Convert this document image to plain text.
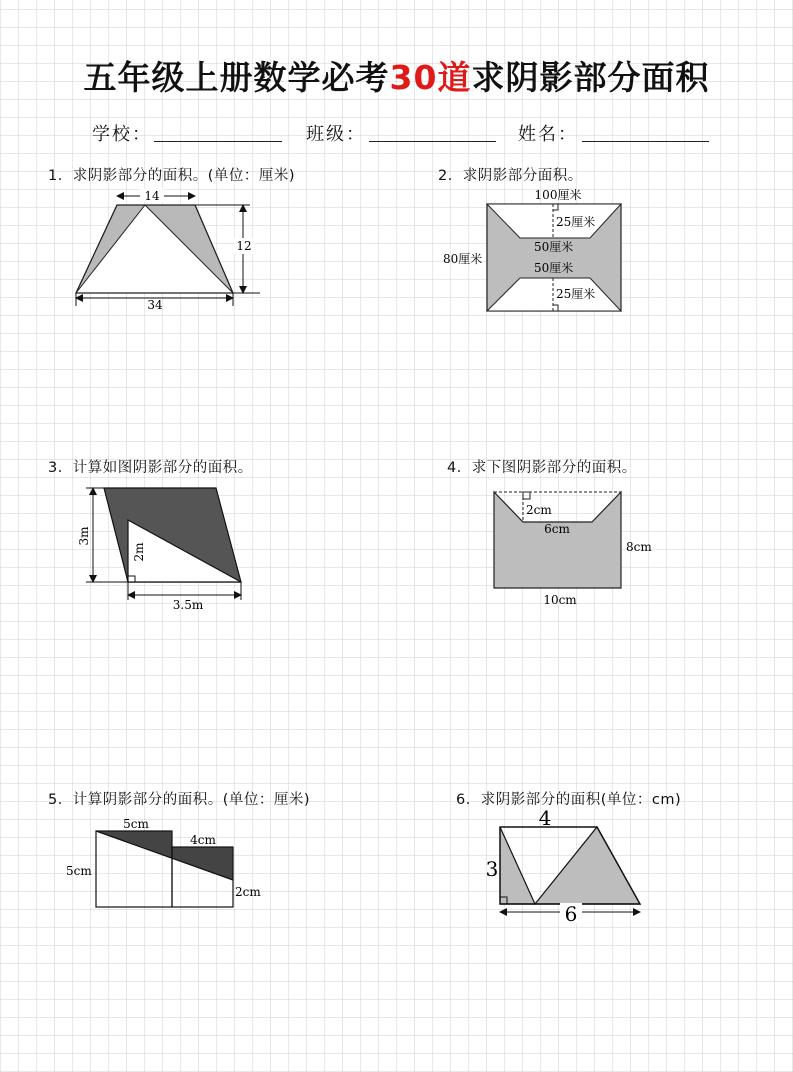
五年级上册数学必考30道求阴影部分面积
学校：	班级：	姓名：
1．求阴影部分的面积。(单位：厘米)
14
12
34
2．求阴影部分面积。
100厘米
80厘米
25厘米
50厘米
50厘米
25厘米
3．计算如图阴影部分的面积。
3m
2m
3.5m
4．求下图阴影部分的面积。
2cm
6cm
8cm
10cm
5．计算阴影部分的面积。(单位：厘米)
5cm
4cm
5cm
2cm
6．求阴影部分的面积(单位：cm)
4
3
6
